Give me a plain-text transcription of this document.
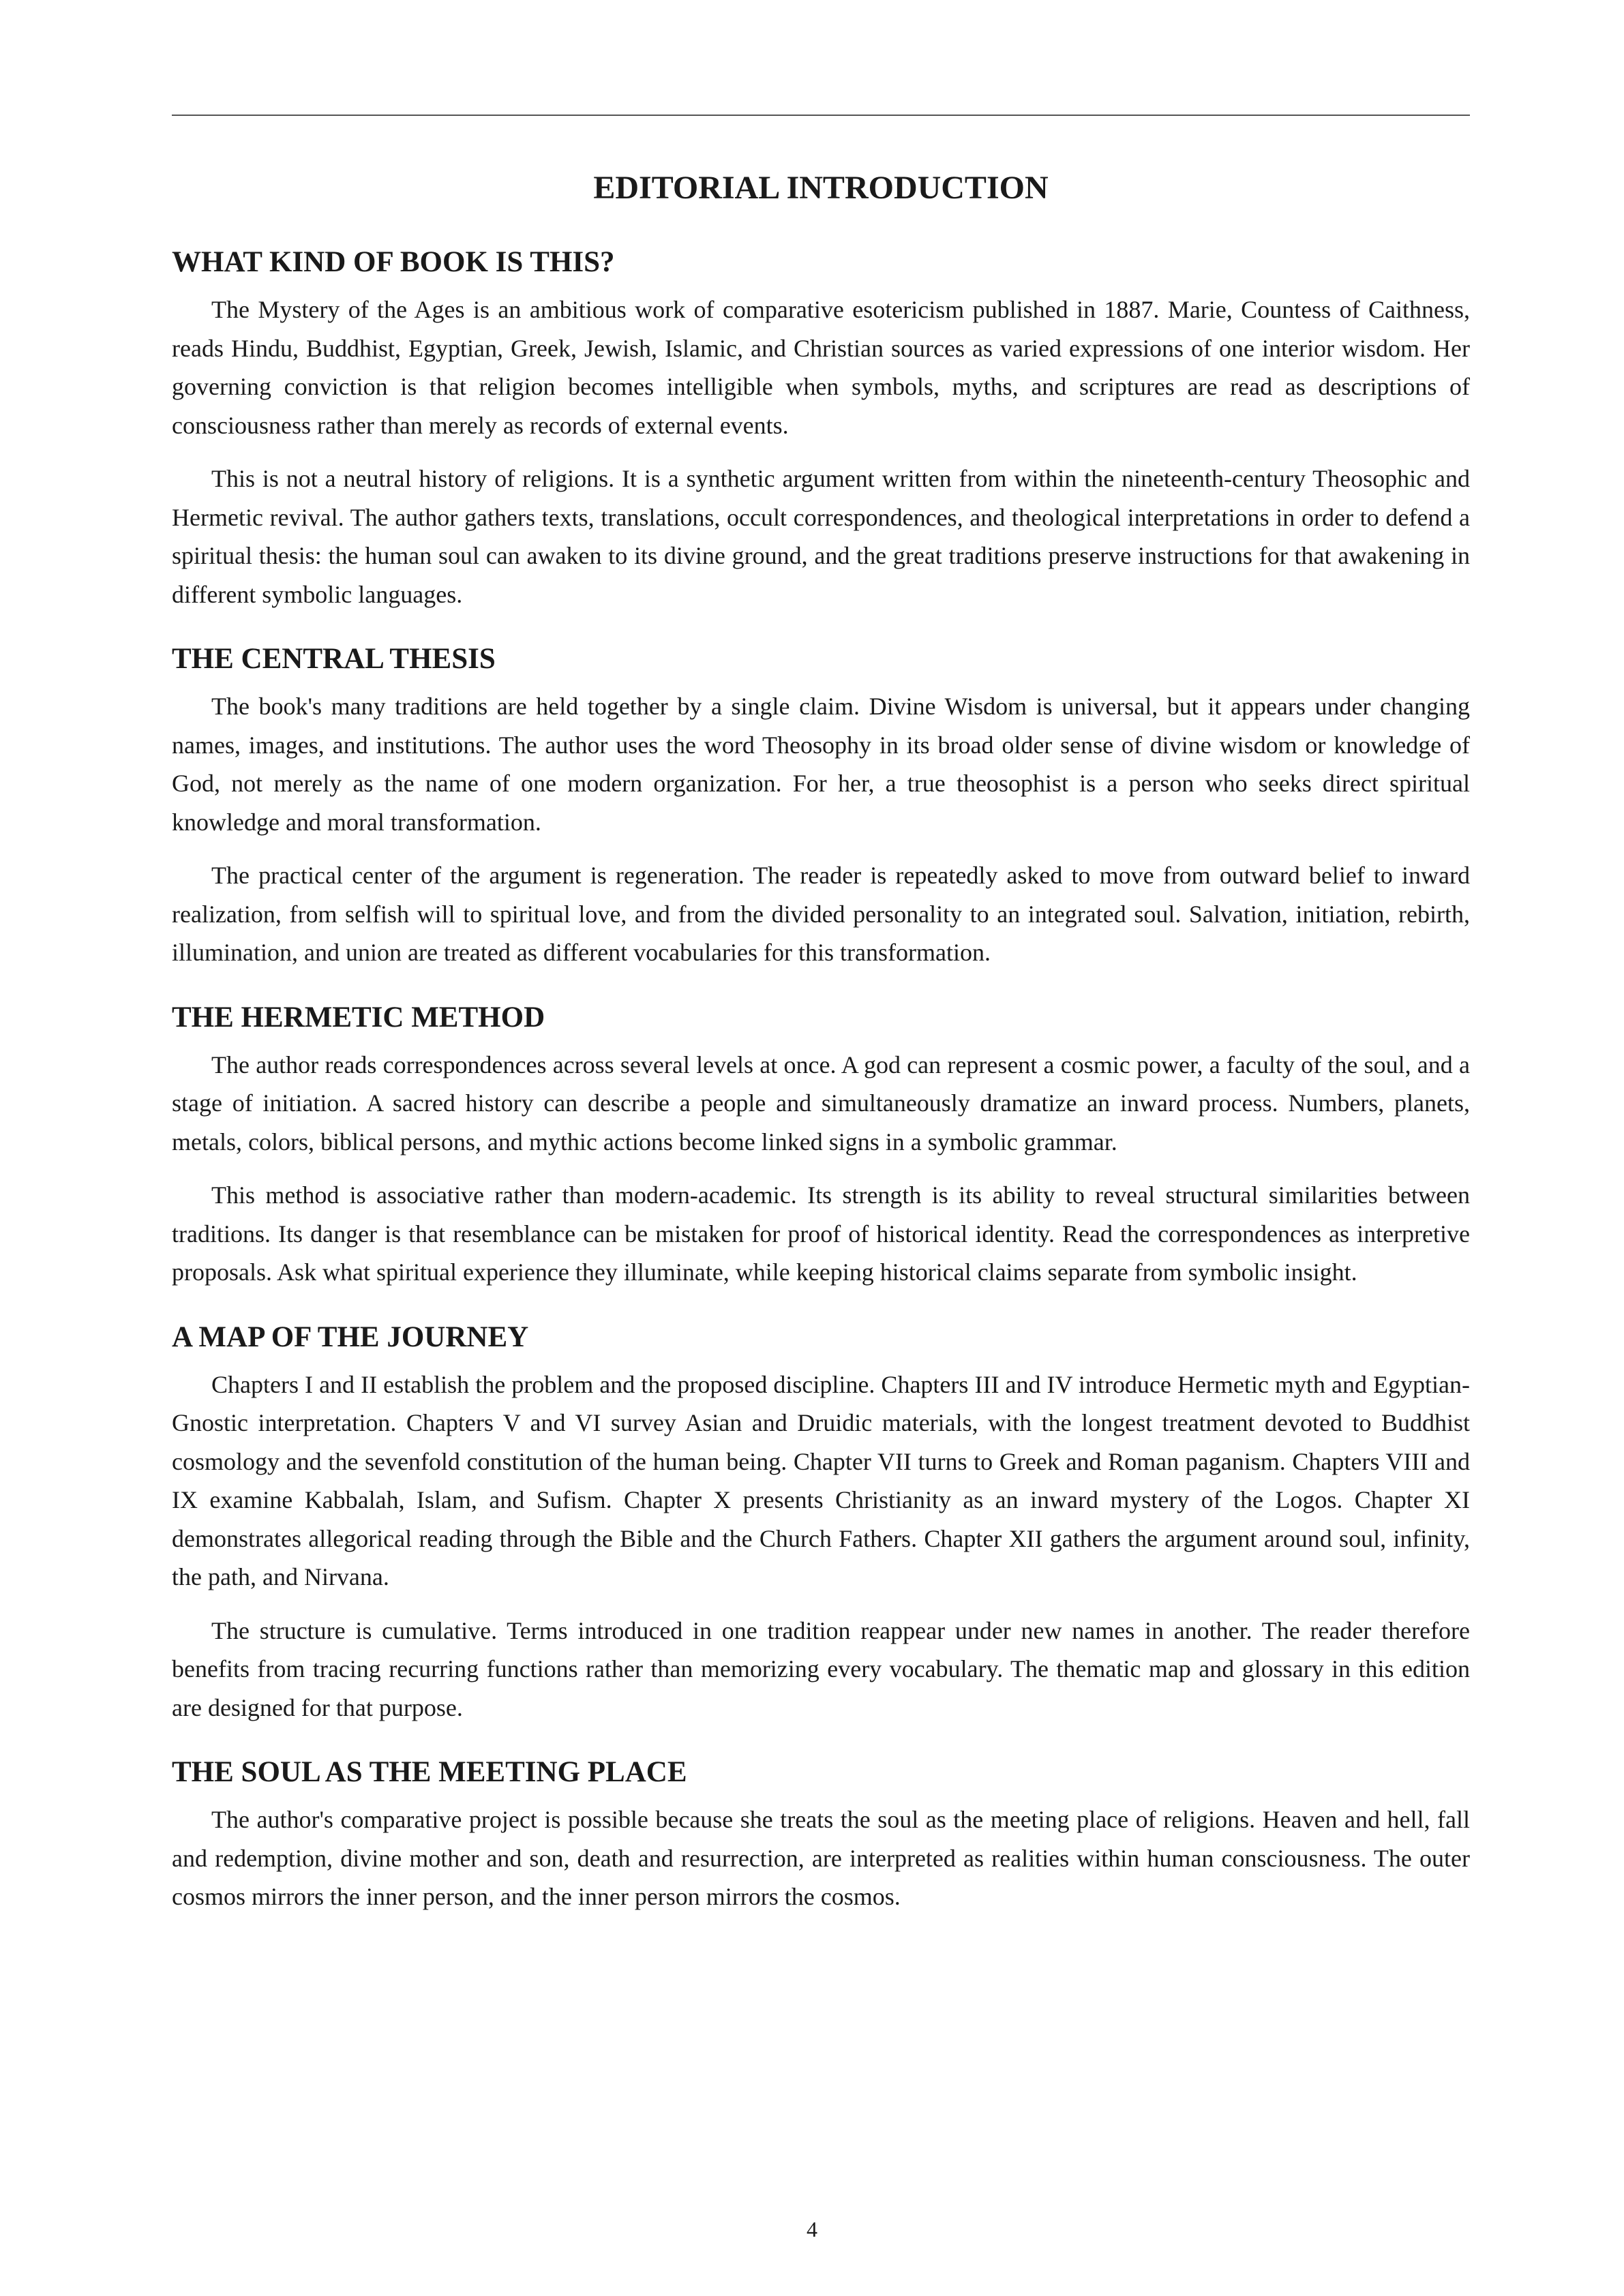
EDITORIAL INTRODUCTION
WHAT KIND OF BOOK IS THIS?

The Mystery of the Ages is an ambitious work of comparative esotericism published in 1887. Marie, Countess of Caithness, reads Hindu, Buddhist, Egyptian, Greek, Jewish, Islamic, and Christian sources as varied expressions of one interior wisdom. Her governing conviction is that religion becomes intelligible when symbols, myths, and scriptures are read as descriptions of consciousness rather than merely as records of external events.

This is not a neutral history of religions. It is a synthetic argument written from within the nineteenth-century Theosophic and Hermetic revival. The author gathers texts, translations, occult correspondences, and theological interpretations in order to defend a spiritual thesis: the human soul can awaken to its divine ground, and the great traditions preserve instructions for that awakening in different symbolic languages.

THE CENTRAL THESIS

The book's many traditions are held together by a single claim. Divine Wisdom is universal, but it appears under changing names, images, and institutions. The author uses the word Theosophy in its broad older sense of divine wisdom or knowledge of God, not merely as the name of one modern organization. For her, a true theosophist is a person who seeks direct spiritual knowledge and moral transformation.

The practical center of the argument is regeneration. The reader is repeatedly asked to move from outward belief to inward realization, from selfish will to spiritual love, and from the divided personality to an integrated soul. Salvation, initiation, rebirth, illumination, and union are treated as different vocabularies for this transformation.

THE HERMETIC METHOD

The author reads correspondences across several levels at once. A god can represent a cosmic power, a faculty of the soul, and a stage of initiation. A sacred history can describe a people and simultaneously dramatize an inward process. Numbers, planets, metals, colors, biblical persons, and mythic actions become linked signs in a symbolic grammar.

This method is associative rather than modern-academic. Its strength is its ability to reveal structural similarities between traditions. Its danger is that resemblance can be mistaken for proof of historical identity. Read the correspondences as interpretive proposals. Ask what spiritual experience they illuminate, while keeping historical claims separate from symbolic insight.

A MAP OF THE JOURNEY

Chapters I and II establish the problem and the proposed discipline. Chapters III and IV introduce Hermetic myth and Egyptian-Gnostic interpretation. Chapters V and VI survey Asian and Druidic materials, with the longest treatment devoted to Buddhist cosmology and the sevenfold constitution of the human being. Chapter VII turns to Greek and Roman paganism. Chapters VIII and IX examine Kabbalah, Islam, and Sufism. Chapter X presents Christianity as an inward mystery of the Logos. Chapter XI demonstrates allegorical reading through the Bible and the Church Fathers. Chapter XII gathers the argument around soul, infinity, the path, and Nirvana.

The structure is cumulative. Terms introduced in one tradition reappear under new names in another. The reader therefore benefits from tracing recurring functions rather than memorizing every vocabulary. The thematic map and glossary in this edition are designed for that purpose.

THE SOUL AS THE MEETING PLACE

The author's comparative project is possible because she treats the soul as the meeting place of religions. Heaven and hell, fall and redemption, divine mother and son, death and resurrection, are interpreted as realities within human consciousness. The outer cosmos mirrors the inner person, and the inner person mirrors the cosmos.

4
